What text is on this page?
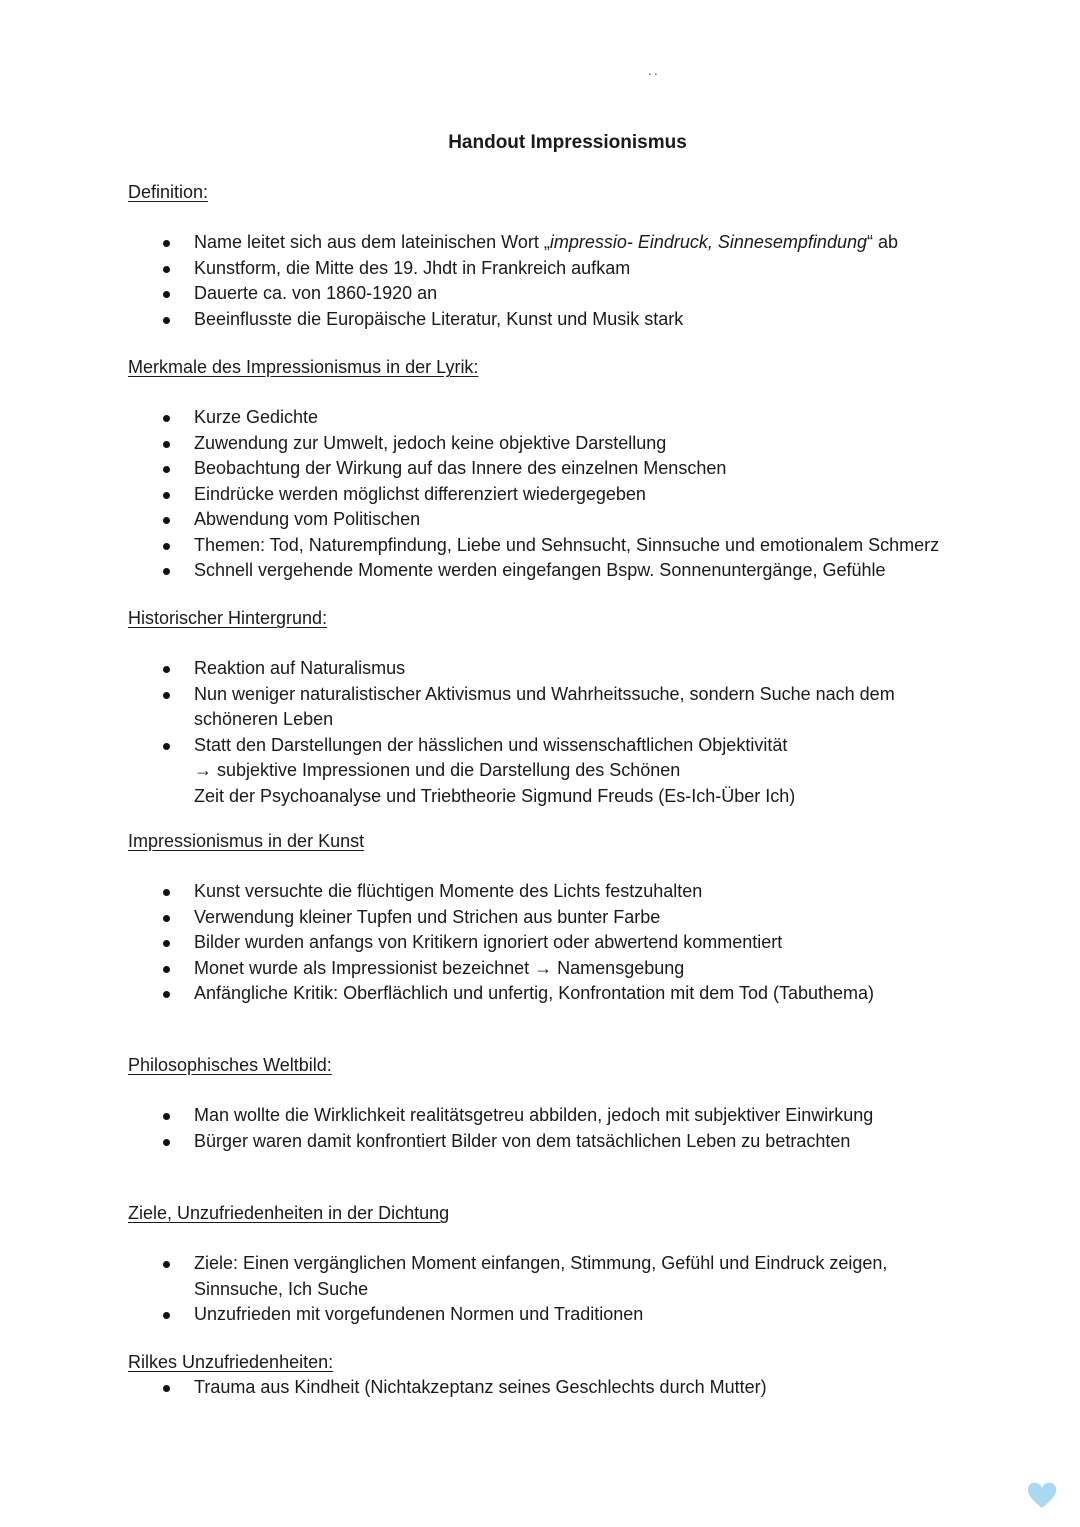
..
Handout Impressionismus

Definition:

Name leitet sich aus dem lateinischen Wort „impressio- Eindruck, Sinnesempfindung“ ab
Kunstform, die Mitte des 19. Jhdt in Frankreich aufkam
Dauerte ca. von 1860-1920 an
Beeinflusste die Europäische Literatur, Kunst und Musik stark

Merkmale des Impressionismus in der Lyrik:

Kurze Gedichte
Zuwendung zur Umwelt, jedoch keine objektive Darstellung
Beobachtung der Wirkung auf das Innere des einzelnen Menschen
Eindrücke werden möglichst differenziert wiedergegeben
Abwendung vom Politischen
Themen: Tod, Naturempfindung, Liebe und Sehnsucht, Sinnsuche und emotionalem Schmerz
Schnell vergehende Momente werden eingefangen Bspw. Sonnenuntergänge, Gefühle

Historischer Hintergrund:

Reaktion auf Naturalismus
Nun weniger naturalistischer Aktivismus und Wahrheitssuche, sondern Suche nach dem schöneren Leben
Statt den Darstellungen der hässlichen und wissenschaftlichen Objektivität
→ subjektive Impressionen und die Darstellung des Schönen
Zeit der Psychoanalyse und Triebtheorie Sigmund Freuds (Es-Ich-Über Ich)

Impressionismus in der Kunst

Kunst versuchte die flüchtigen Momente des Lichts festzuhalten
Verwendung kleiner Tupfen und Strichen aus bunter Farbe
Bilder wurden anfangs von Kritikern ignoriert oder abwertend kommentiert
Monet wurde als Impressionist bezeichnet → Namensgebung
Anfängliche Kritik: Oberflächlich und unfertig, Konfrontation mit dem Tod (Tabuthema)

Philosophisches Weltbild:

Man wollte die Wirklichkeit realitätsgetreu abbilden, jedoch mit subjektiver Einwirkung
Bürger waren damit konfrontiert Bilder von dem tatsächlichen Leben zu betrachten

Ziele, Unzufriedenheiten in der Dichtung

Ziele: Einen vergänglichen Moment einfangen, Stimmung, Gefühl und Eindruck zeigen, Sinnsuche, Ich Suche
Unzufrieden mit vorgefundenen Normen und Traditionen

Rilkes Unzufriedenheiten:

Trauma aus Kindheit (Nichtakzeptanz seines Geschlechts durch Mutter)
